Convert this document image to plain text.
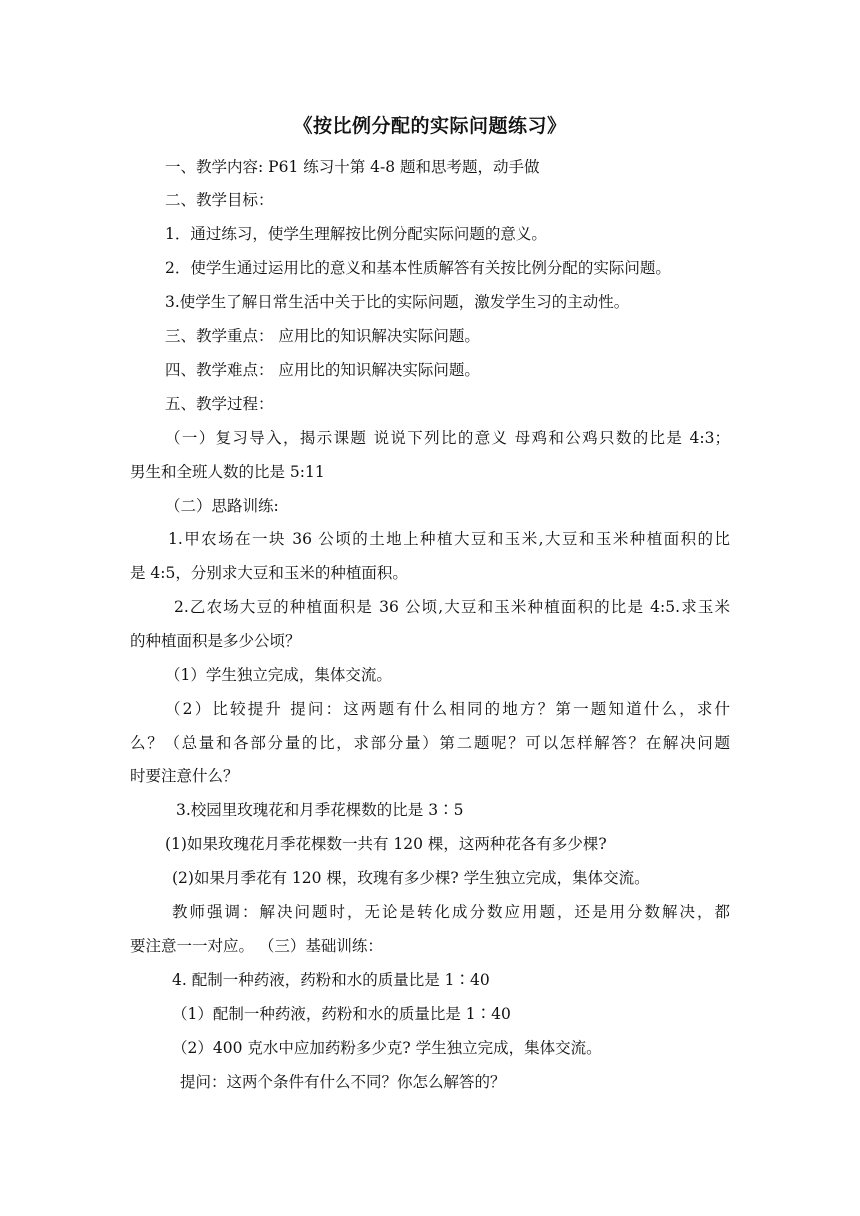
《按比例分配的实际问题练习》
一、教学内容: P61 练习十第 4-8 题和思考题，动手做
二、教学目标：
1．通过练习，使学生理解按比例分配实际问题的意义。
2．使学生通过运用比的意义和基本性质解答有关按比例分配的实际问题。
3.使学生了解日常生活中关于比的实际问题，激发学生习的主动性。
三、教学重点： 应用比的知识解决实际问题。
四、教学难点： 应用比的知识解决实际问题。
五、教学过程：
（一）复习导入，揭示课题 说说下列比的意义 母鸡和公鸡只数的比是 4:3；
男生和全班人数的比是 5:11
（二）思路训练:
1.甲农场在一块 36 公顷的土地上种植大豆和玉米,大豆和玉米种植面积的比
是 4:5，分别求大豆和玉米的种植面积。
2.乙农场大豆的种植面积是 36 公顷,大豆和玉米种植面积的比是 4:5.求玉米
的种植面积是多少公顷？
（1）学生独立完成，集体交流。
（2）比较提升 提问：这两题有什么相同的地方？第一题知道什么，求什
么？（总量和各部分量的比，求部分量）第二题呢？可以怎样解答？在解决问题
时要注意什么？
3.校园里玫瑰花和月季花棵数的比是 3∶5
(1)如果玫瑰花月季花棵数一共有 120 棵，这两种花各有多少棵?
(2)如果月季花有 120 棵，玫瑰有多少棵? 学生独立完成，集体交流。
教师强调：解决问题时，无论是转化成分数应用题，还是用分数解决，都
要注意一一对应。 （三）基础训练：
4. 配制一种药液，药粉和水的质量比是 1∶40
（1）配制一种药液，药粉和水的质量比是 1∶40
（2）400 克水中应加药粉多少克? 学生独立完成，集体交流。
提问：这两个条件有什么不同？你怎么解答的？
